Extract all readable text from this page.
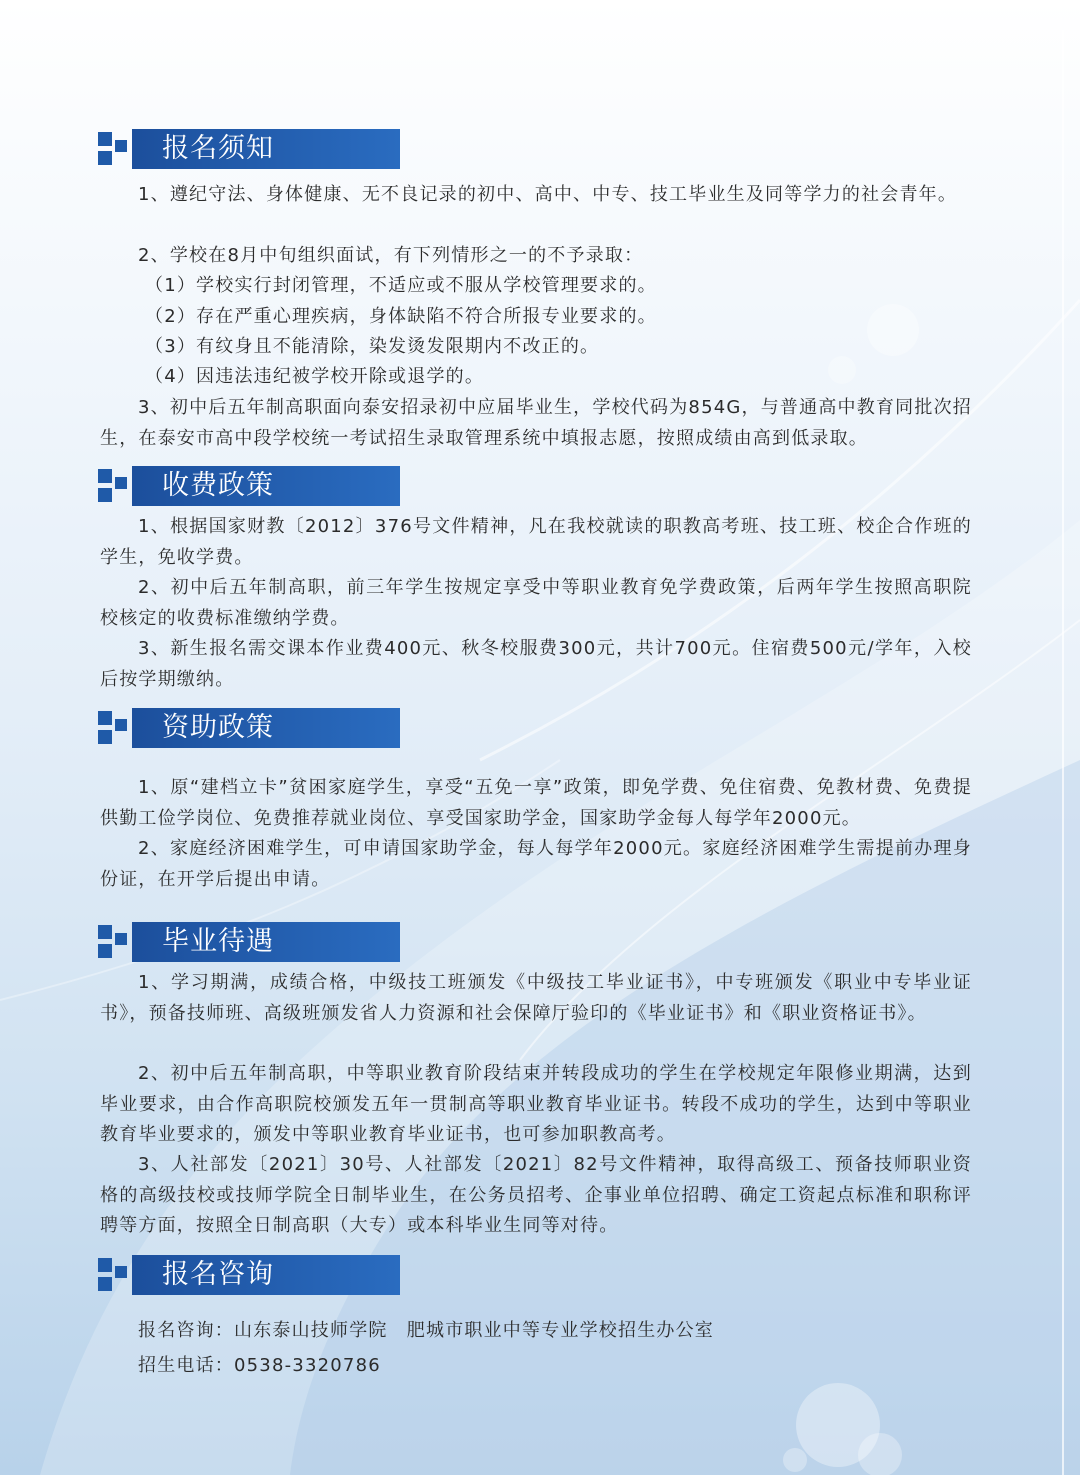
报名须知

1、遵纪守法、身体健康、无不良记录的初中、高中、中专、技工毕业生及同等学力的社会青年。

2、学校在8月中旬组织面试，有下列情形之一的不予录取：

（1）学校实行封闭管理，不适应或不服从学校管理要求的。

（2）存在严重心理疾病，身体缺陷不符合所报专业要求的。

（3）有纹身且不能清除，染发烫发限期内不改正的。

（4）因违法违纪被学校开除或退学的。

3、初中后五年制高职面向泰安招录初中应届毕业生，学校代码为854G，与普通高中教育同批次招生，在泰安市高中段学校统一考试招生录取管理系统中填报志愿，按照成绩由高到低录取。

收费政策

1、根据国家财教〔2012〕376号文件精神，凡在我校就读的职教高考班、技工班、校企合作班的学生，免收学费。

2、初中后五年制高职，前三年学生按规定享受中等职业教育免学费政策，后两年学生按照高职院校核定的收费标准缴纳学费。

3、新生报名需交课本作业费400元、秋冬校服费300元，共计700元。住宿费500元/学年，入校后按学期缴纳。

资助政策

1、原“建档立卡”贫困家庭学生，享受“五免一享”政策，即免学费、免住宿费、免教材费、免费提供勤工俭学岗位、免费推荐就业岗位、享受国家助学金，国家助学金每人每学年2000元。

2、家庭经济困难学生，可申请国家助学金，每人每学年2000元。家庭经济困难学生需提前办理身份证，在开学后提出申请。

毕业待遇

1、学习期满，成绩合格，中级技工班颁发《中级技工毕业证书》，中专班颁发《职业中专毕业证书》，预备技师班、高级班颁发省人力资源和社会保障厅验印的《毕业证书》和《职业资格证书》。

2、初中后五年制高职，中等职业教育阶段结束并转段成功的学生在学校规定年限修业期满，达到毕业要求，由合作高职院校颁发五年一贯制高等职业教育毕业证书。转段不成功的学生，达到中等职业教育毕业要求的，颁发中等职业教育毕业证书，也可参加职教高考。

3、人社部发〔2021〕30号、人社部发〔2021〕82号文件精神，取得高级工、预备技师职业资格的高级技校或技师学院全日制毕业生，在公务员招考、企事业单位招聘、确定工资起点标准和职称评聘等方面，按照全日制高职（大专）或本科毕业生同等对待。

报名咨询

报名咨询：山东泰山技师学院　肥城市职业中等专业学校招生办公室

招生电话：0538-3320786
